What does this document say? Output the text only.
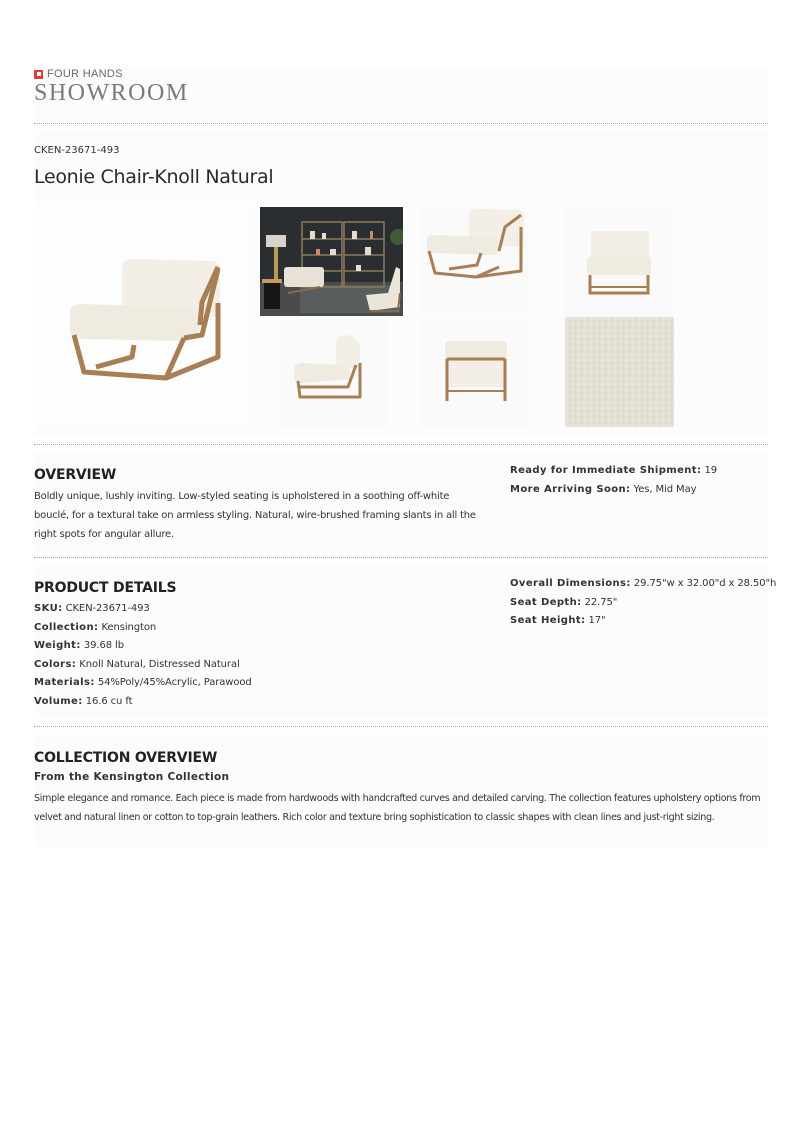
FOUR HANDS
SHOWROOM
CKEN-23671-493
Leonie Chair-Knoll Natural
OVERVIEW

Boldly unique, lushly inviting. Low-styled seating is upholstered in a soothing off-white bouclé, for a textural take on armless styling. Natural, wire-brushed framing slants in all the right spots for angular allure.

Ready for Immediate Shipment: 19
More Arriving Soon: Yes, Mid May
PRODUCT DETAILS
SKU: CKEN-23671-493
Collection: Kensington
Weight: 39.68 lb
Colors: Knoll Natural, Distressed Natural
Materials: 54%Poly/45%Acrylic, Parawood
Volume: 16.6 cu ft
Overall Dimensions: 29.75"w x 32.00"d x 28.50"h
Seat Depth: 22.75"
Seat Height: 17"
COLLECTION OVERVIEW
From the Kensington Collection

Simple elegance and romance. Each piece is made from hardwoods with handcrafted curves and detailed carving. The collection features upholstery options from velvet and natural linen or cotton to top-grain leathers. Rich color and texture bring sophistication to classic shapes with clean lines and just-right sizing.
